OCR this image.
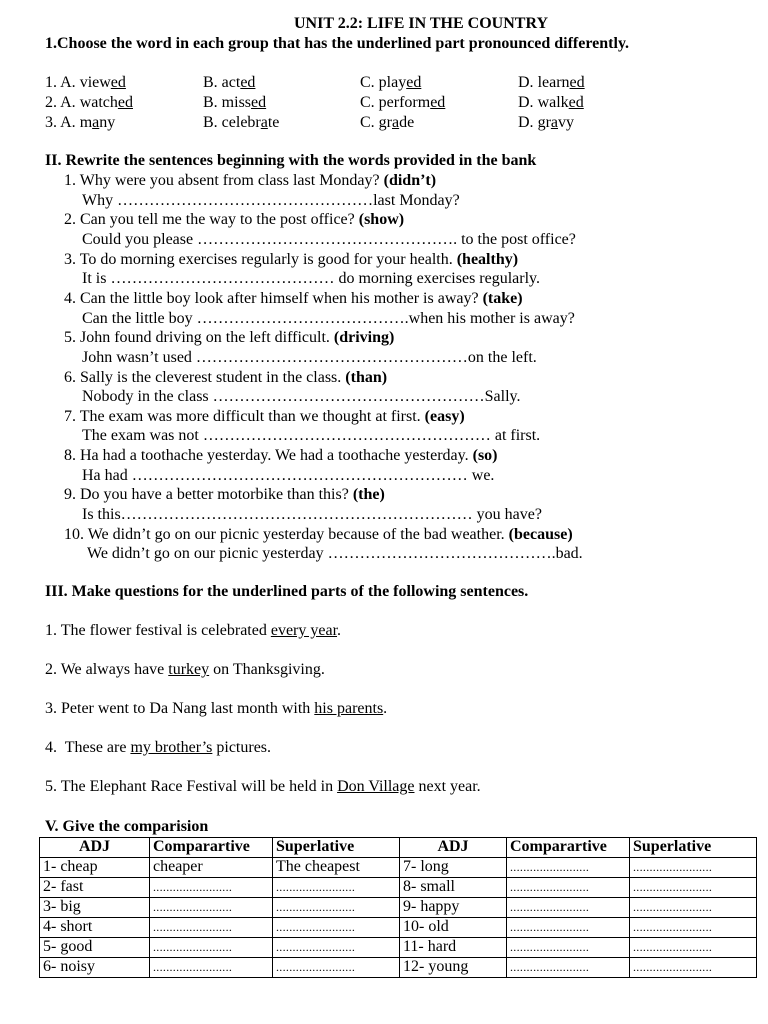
UNIT 2.2: LIFE IN THE COUNTRY
1.Choose the word in each group that has the underlined part pronounced differently.
1. A. viewed	B. acted	C. played	D. learned
2. A. watched	B. missed	C. performed	D. walked
3. A. many	B. celebrate	C. grade	D. gravy
II. Rewrite the sentences beginning with the words provided in the bank
1. Why were you absent from class last Monday? (didn’t)
Why …………………………………………last Monday?
2. Can you tell me the way to the post office? (show)
Could you please …………………………………………. to the post office?
3. To do morning exercises regularly is good for your health. (healthy)
It is …………………………………… do morning exercises regularly.
4. Can the little boy look after himself when his mother is away? (take)
Can the little boy ………………………………….when his mother is away?
5. John found driving on the left difficult. (driving)
John wasn’t used ……………………………………………on the left.
6. Sally is the cleverest student in the class. (than)
Nobody in the class ……………………………………………Sally.
7. The exam was more difficult than we thought at first. (easy)
The exam was not ……………………………………………… at first.
8. Ha had a toothache yesterday. We had a toothache yesterday. (so)
Ha had ……………………………………………………… we.
9. Do you have a better motorbike than this? (the)
Is this………………………………………………………… you have?
10. We didn’t go on our picnic yesterday because of the bad weather. (because)
We didn’t go on our picnic yesterday …………………………………….bad.
III. Make questions for the underlined parts of the following sentences.
1. The flower festival is celebrated every year.
2. We always have turkey on Thanksgiving.
3. Peter went to Da Nang last month with his parents.
4.  These are my brother’s pictures.
5. The Elephant Race Festival will be held in Don Village next year.
V. Give the comparision
ADJ	Comparartive	Superlative	ADJ	Comparartive	Superlative
1- cheap	cheaper	The cheapest	7- long	........................	........................
2- fast	........................	........................	8- small	........................	........................
3- big	........................	........................	9- happy	........................	........................
4- short	........................	........................	10- old	........................	........................
5- good	........................	........................	11- hard	........................	........................
6- noisy	........................	........................	12- young	........................	........................
